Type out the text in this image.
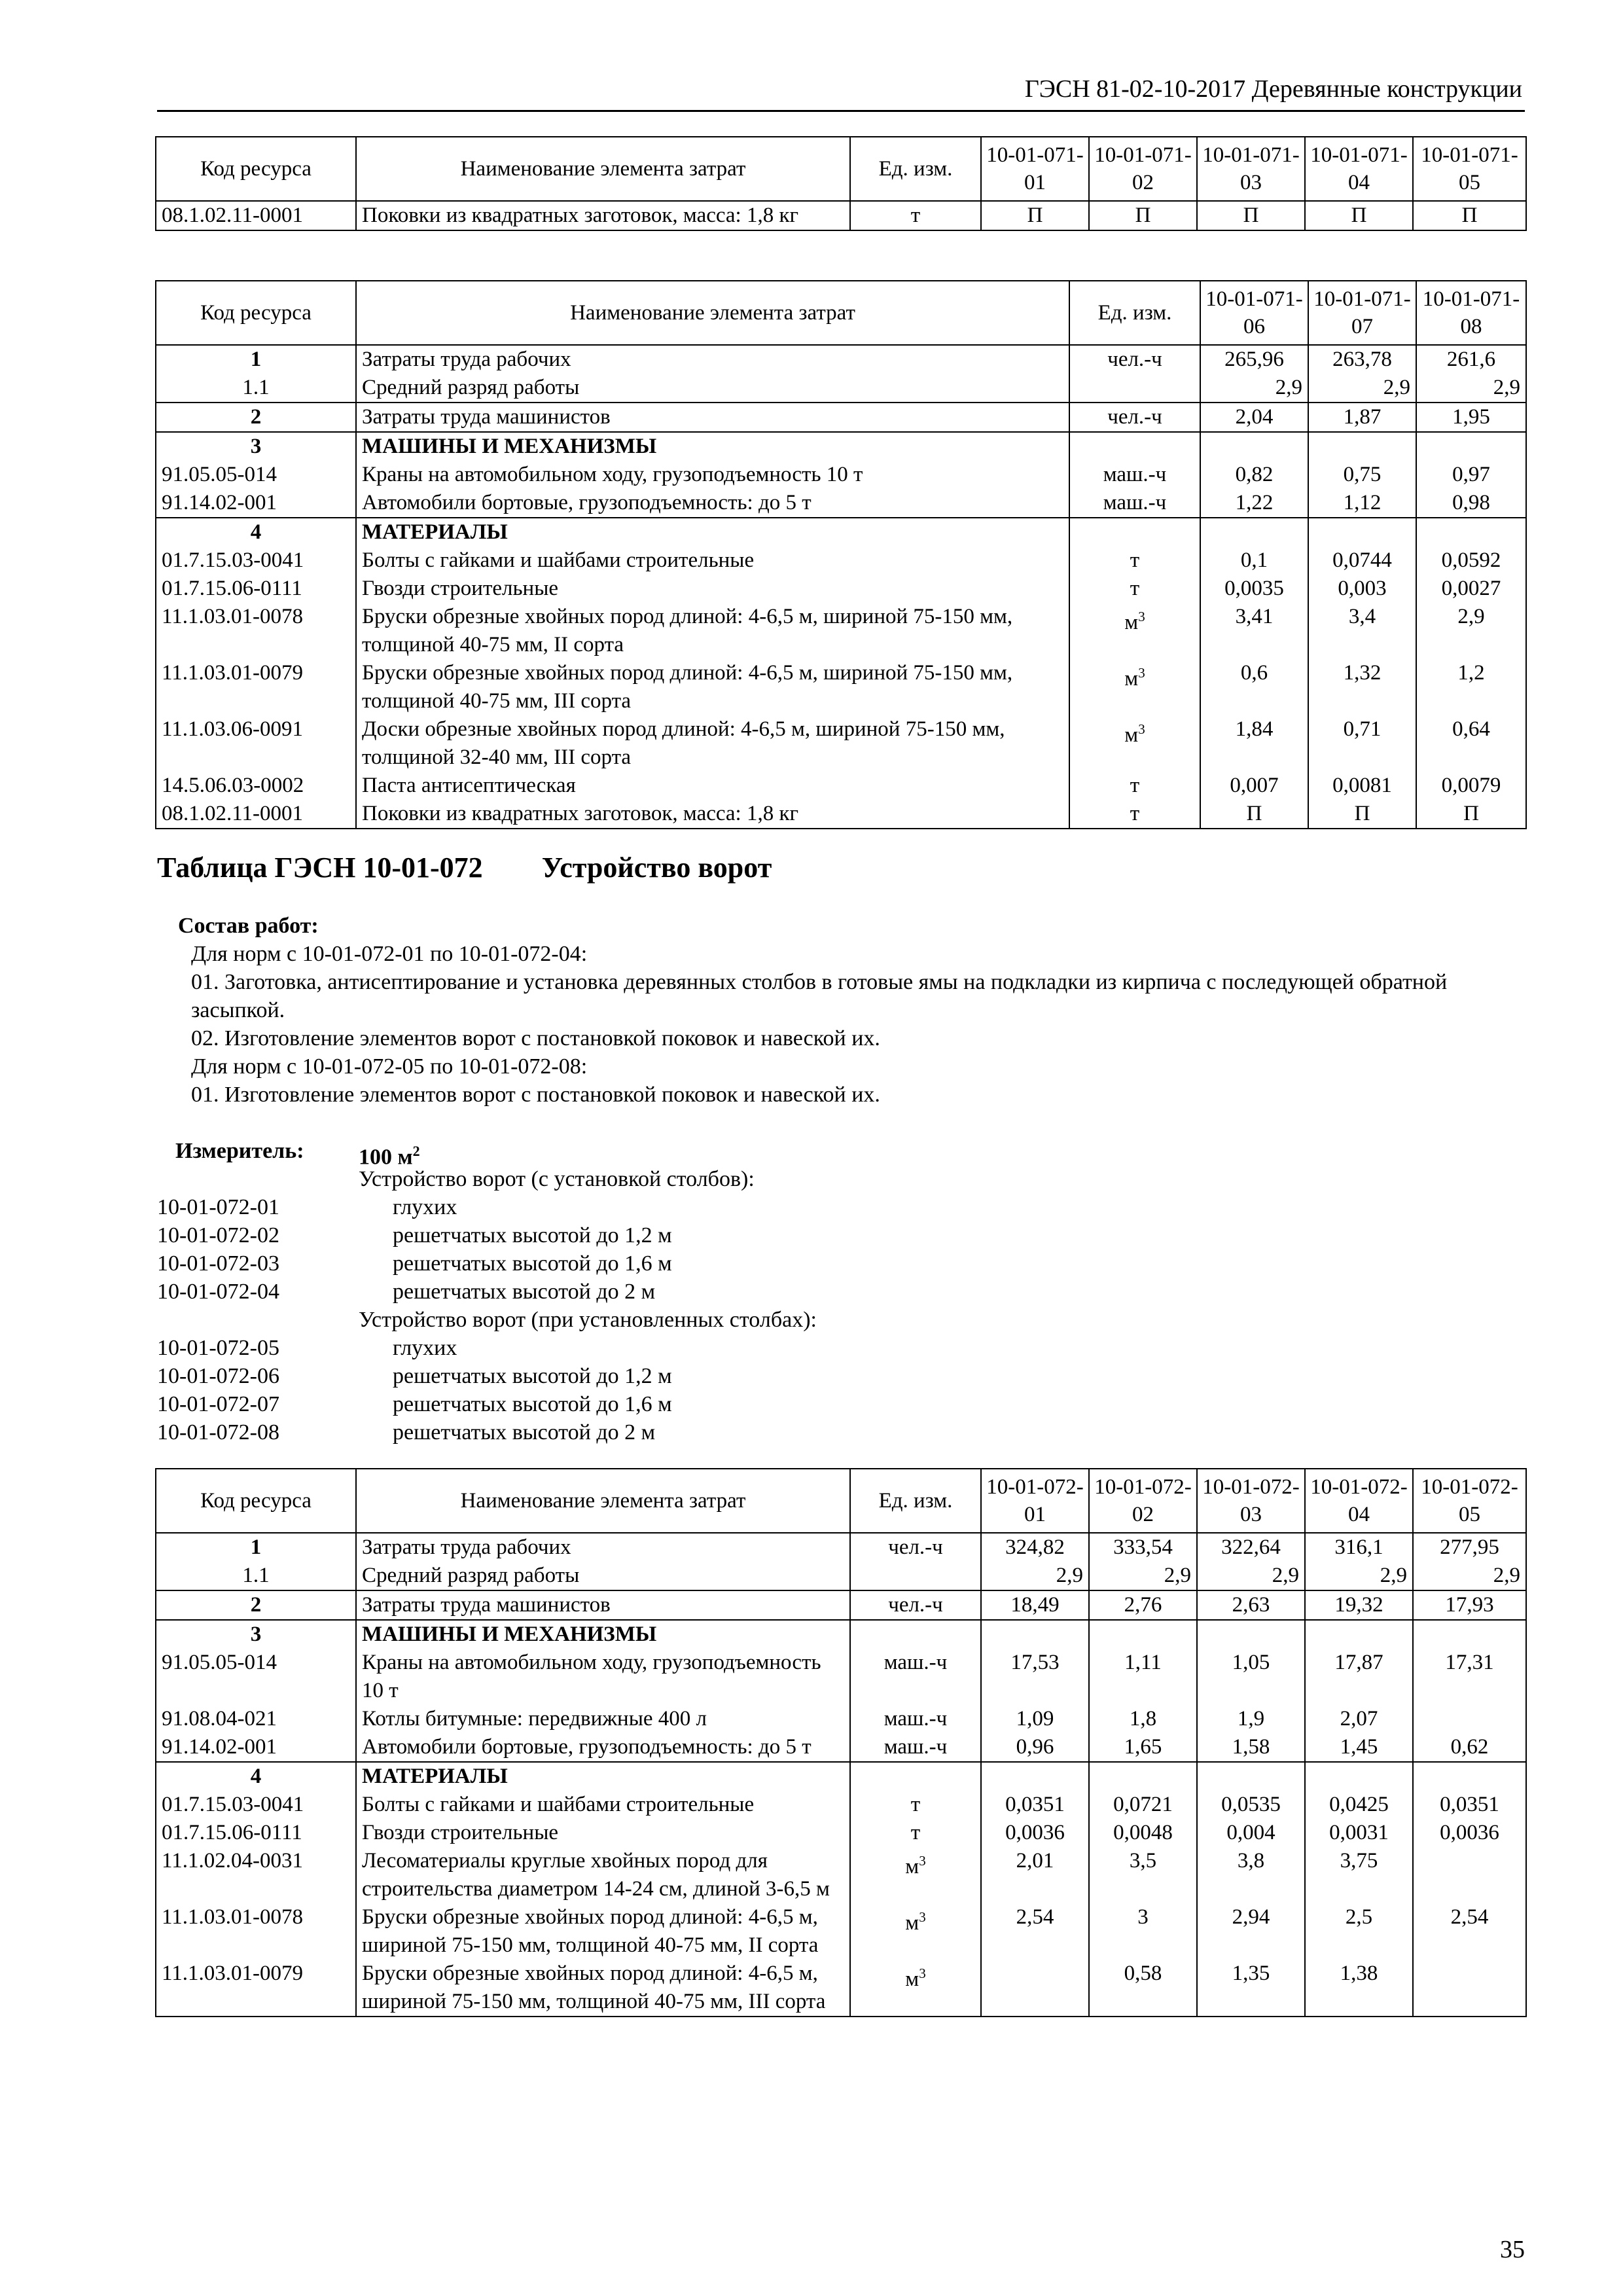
ГЭСН 81-02-10-2017 Деревянные конструкции
Код ресурса	Наименование элемента затрат	Ед. изм.	10-01-071-01	10-01-071-02	10-01-071-03	10-01-071-04	10-01-071-05
08.1.02.11-0001	Поковки из квадратных заготовок, масса: 1,8 кг	т	П	П	П	П	П
Код ресурса	Наименование элемента затрат	Ед. изм.	10-01-071-06	10-01-071-07	10-01-071-08
1	Затраты труда рабочих	чел.-ч	265,96	263,78	261,6
1.1	Средний разряд работы		2,9	2,9	2,9
2	Затраты труда машинистов	чел.-ч	2,04	1,87	1,95
3	МАШИНЫ И МЕХАНИЗМЫ				
91.05.05-014	Краны на автомобильном ходу, грузоподъемность 10 т	маш.-ч	0,82	0,75	0,97
91.14.02-001	Автомобили бортовые, грузоподъемность: до 5 т	маш.-ч	1,22	1,12	0,98
4	МАТЕРИАЛЫ				
01.7.15.03-0041	Болты с гайками и шайбами строительные	т	0,1	0,0744	0,0592
01.7.15.06-0111	Гвозди строительные	т	0,0035	0,003	0,0027
11.1.03.01-0078	Бруски обрезные хвойных пород длиной: 4-6,5 м, шириной 75-150 мм, толщиной 40-75 мм, II сорта	$м^3$	3,41	3,4	2,9
11.1.03.01-0079	Бруски обрезные хвойных пород длиной: 4-6,5 м, шириной 75-150 мм, толщиной 40-75 мм, III сорта	$м^3$	0,6	1,32	1,2
11.1.03.06-0091	Доски обрезные хвойных пород длиной: 4-6,5 м, шириной 75-150 мм, толщиной 32-40 мм, III сорта	$м^3$	1,84	0,71	0,64
14.5.06.03-0002	Паста антисептическая	т	0,007	0,0081	0,0079
08.1.02.11-0001	Поковки из квадратных заготовок, масса: 1,8 кг	т	П	П	П
Таблица ГЭСН 10-01-072 Устройство ворот
Состав работ:
Для норм с 10-01-072-01 по 10-01-072-04:
01. Заготовка, антисептирование и установка деревянных столбов в готовые ямы на подкладки из кирпича с последующей обратной засыпкой.
02. Изготовление элементов ворот с постановкой поковок и навеской их.
Для норм с 10-01-072-05 по 10-01-072-08:
01. Изготовление элементов ворот с постановкой поковок и навеской их.
Измеритель:	100 $м^2$
Устройство ворот (с установкой столбов):
10-01-072-01	глухих
10-01-072-02	решетчатых высотой до 1,2 м
10-01-072-03	решетчатых высотой до 1,6 м
10-01-072-04	решетчатых высотой до 2 м
Устройство ворот (при установленных столбах):
10-01-072-05	глухих
10-01-072-06	решетчатых высотой до 1,2 м
10-01-072-07	решетчатых высотой до 1,6 м
10-01-072-08	решетчатых высотой до 2 м
Код ресурса	Наименование элемента затрат	Ед. изм.	10-01-072-01	10-01-072-02	10-01-072-03	10-01-072-04	10-01-072-05
1	Затраты труда рабочих	чел.-ч	324,82	333,54	322,64	316,1	277,95
1.1	Средний разряд работы		2,9	2,9	2,9	2,9	2,9
2	Затраты труда машинистов	чел.-ч	18,49	2,76	2,63	19,32	17,93
3	МАШИНЫ И МЕХАНИЗМЫ						
91.05.05-014	Краны на автомобильном ходу, грузоподъемность 10 т	маш.-ч	17,53	1,11	1,05	17,87	17,31
91.08.04-021	Котлы битумные: передвижные 400 л	маш.-ч	1,09	1,8	1,9	2,07	
91.14.02-001	Автомобили бортовые, грузоподъемность: до 5 т	маш.-ч	0,96	1,65	1,58	1,45	0,62
4	МАТЕРИАЛЫ						
01.7.15.03-0041	Болты с гайками и шайбами строительные	т	0,0351	0,0721	0,0535	0,0425	0,0351
01.7.15.06-0111	Гвозди строительные	т	0,0036	0,0048	0,004	0,0031	0,0036
11.1.02.04-0031	Лесоматериалы круглые хвойных пород для строительства диаметром 14-24 см, длиной 3-6,5 м	$м^3$	2,01	3,5	3,8	3,75	
11.1.03.01-0078	Бруски обрезные хвойных пород длиной: 4-6,5 м, шириной 75-150 мм, толщиной 40-75 мм, II сорта	$м^3$	2,54	3	2,94	2,5	2,54
11.1.03.01-0079	Бруски обрезные хвойных пород длиной: 4-6,5 м, шириной 75-150 мм, толщиной 40-75 мм, III сорта	$м^3$		0,58	1,35	1,38	
35
